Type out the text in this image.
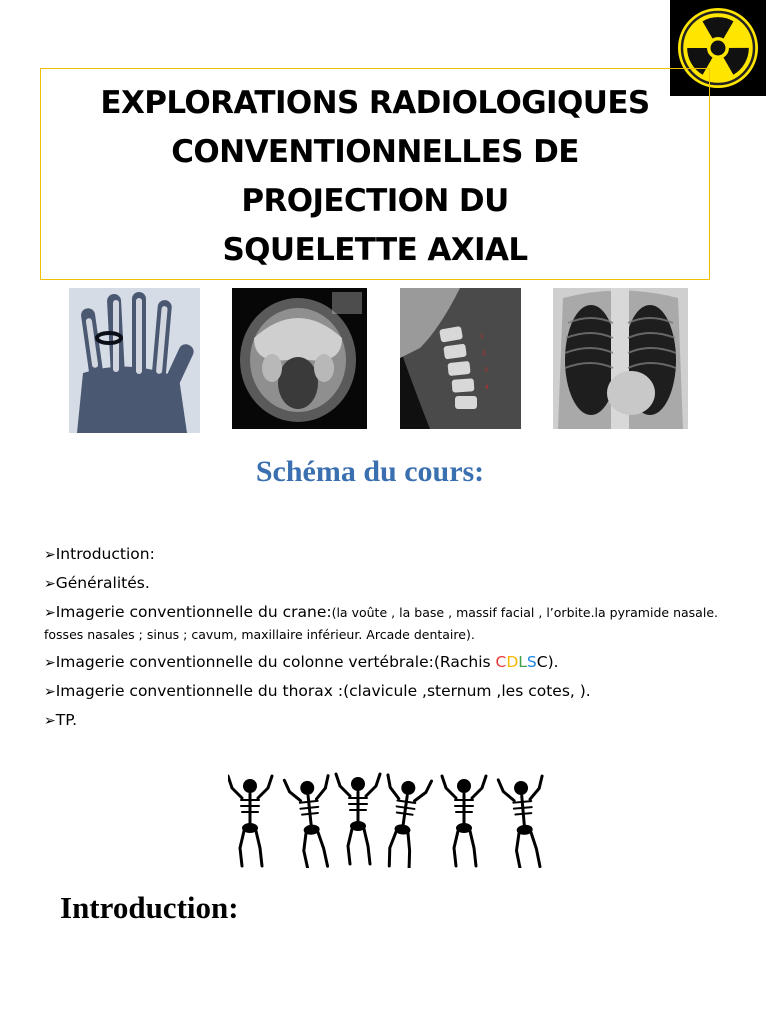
EXPLORATIONS RADIOLOGIQUES
CONVENTIONNELLES DE
PROJECTION DU
SQUELETTE AXIAL
1
2
3
4
Schéma du cours:
➢Introduction:
➢Généralités.
➢Imagerie conventionnelle du crane:(la voûte , la base , massif facial , l’orbite.la pyramide nasale. fosses nasales ; sinus ; cavum, maxillaire inférieur. Arcade dentaire).
➢Imagerie conventionnelle du colonne vertébrale:(Rachis CDLSC).
➢Imagerie conventionnelle du thorax :(clavicule ,sternum ,les cotes, ).
➢TP.
Introduction:
